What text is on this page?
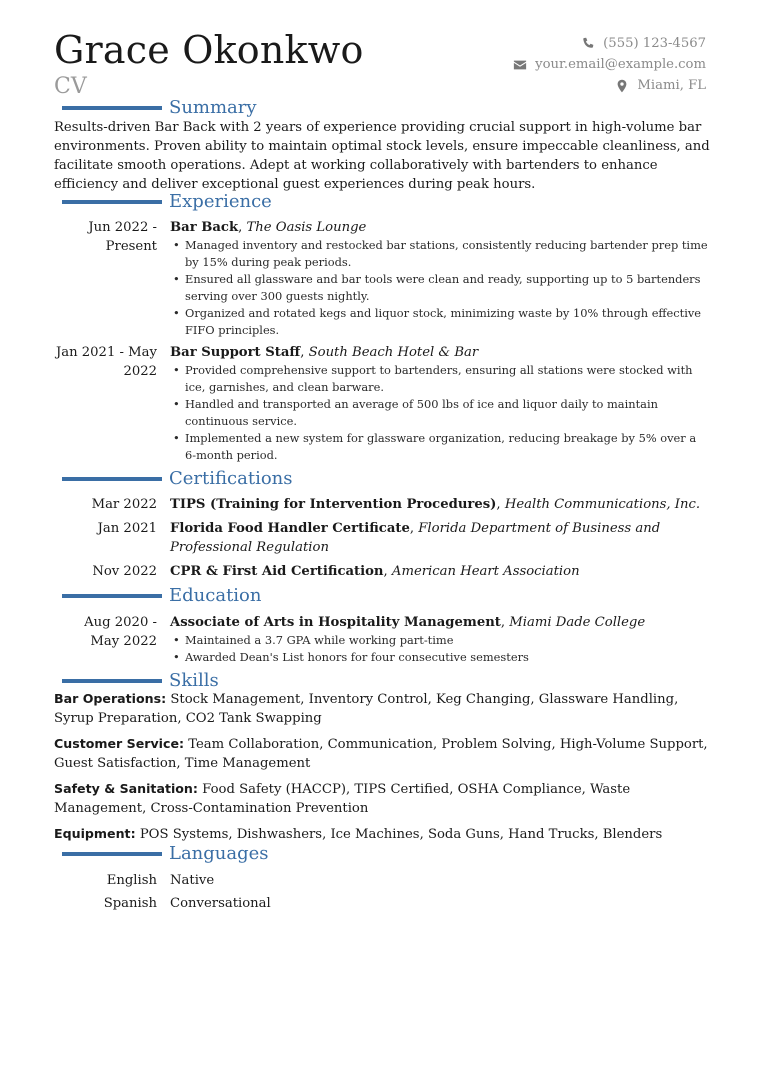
Grace Okonkwo
CV
(555) 123-4567
your.email@example.com
Miami, FL
Summary
Results-driven Bar Back with 2 years of experience providing crucial support in high-volume bar environments. Proven ability to maintain optimal stock levels, ensure impeccable cleanliness, and facilitate smooth operations. Adept at working collaboratively with bartenders to enhance efficiency and deliver exceptional guest experiences during peak hours.
Experience
Jun 2022 - Present
Bar Back, The Oasis Lounge
• Managed inventory and restocked bar stations, consistently reducing bartender prep time by 15% during peak periods.
• Ensured all glassware and bar tools were clean and ready, supporting up to 5 bartenders serving over 300 guests nightly.
• Organized and rotated kegs and liquor stock, minimizing waste by 10% through effective FIFO principles.
Jan 2021 - May 2022
Bar Support Staff, South Beach Hotel & Bar
• Provided comprehensive support to bartenders, ensuring all stations were stocked with ice, garnishes, and clean barware.
• Handled and transported an average of 500 lbs of ice and liquor daily to maintain continuous service.
• Implemented a new system for glassware organization, reducing breakage by 5% over a 6-month period.
Certifications
Mar 2022 TIPS (Training for Intervention Procedures), Health Communications, Inc.
Jan 2021 Florida Food Handler Certificate, Florida Department of Business and Professional Regulation
Nov 2022 CPR & First Aid Certification, American Heart Association
Education
Aug 2020 - May 2022
Associate of Arts in Hospitality Management, Miami Dade College
• Maintained a 3.7 GPA while working part-time
• Awarded Dean's List honors for four consecutive semesters
Skills
Bar Operations: Stock Management, Inventory Control, Keg Changing, Glassware Handling, Syrup Preparation, CO2 Tank Swapping
Customer Service: Team Collaboration, Communication, Problem Solving, High-Volume Support, Guest Satisfaction, Time Management
Safety & Sanitation: Food Safety (HACCP), TIPS Certified, OSHA Compliance, Waste Management, Cross-Contamination Prevention
Equipment: POS Systems, Dishwashers, Ice Machines, Soda Guns, Hand Trucks, Blenders
Languages
English Native
Spanish Conversational
